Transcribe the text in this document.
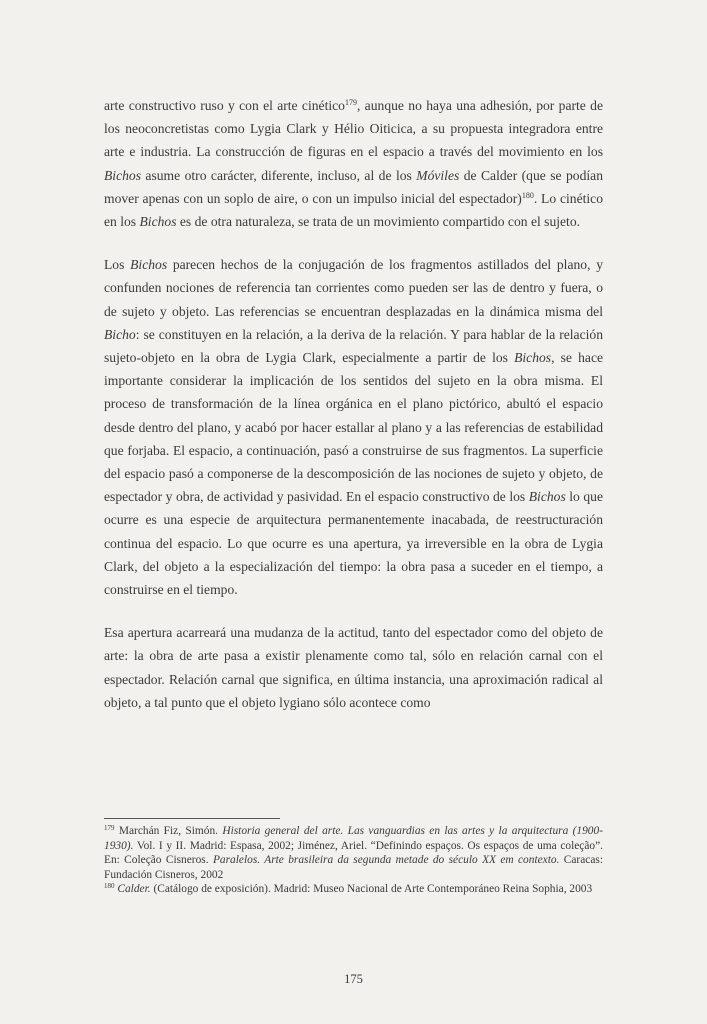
arte constructivo ruso y con el arte cinético$^{179}$, aunque no haya una adhesión, por parte de los neoconcretistas como Lygia Clark y Hélio Oiticica, a su propuesta integradora entre arte e industria. La construcción de figuras en el espacio a través del movimiento en los Bichos asume otro carácter, diferente, incluso, al de los Móviles de Calder (que se podían mover apenas con un soplo de aire, o con un impulso inicial del espectador)$^{180}$. Lo cinético en los Bichos es de otra naturaleza, se trata de un movimiento compartido con el sujeto.

Los Bichos parecen hechos de la conjugación de los fragmentos astillados del plano, y confunden nociones de referencia tan corrientes como pueden ser las de dentro y fuera, o de sujeto y objeto. Las referencias se encuentran desplazadas en la dinámica misma del Bicho: se constituyen en la relación, a la deriva de la relación. Y para hablar de la relación sujeto-objeto en la obra de Lygia Clark, especialmente a partir de los Bichos, se hace importante considerar la implicación de los sentidos del sujeto en la obra misma. El proceso de transformación de la línea orgánica en el plano pictórico, abultó el espacio desde dentro del plano, y acabó por hacer estallar al plano y a las referencias de estabilidad que forjaba. El espacio, a continuación, pasó a construirse de sus fragmentos. La superficie del espacio pasó a componerse de la descomposición de las nociones de sujeto y objeto, de espectador y obra, de actividad y pasividad. En el espacio constructivo de los Bichos lo que ocurre es una especie de arquitectura permanentemente inacabada, de reestructuración continua del espacio. Lo que ocurre es una apertura, ya irreversible en la obra de Lygia Clark, del objeto a la especialización del tiempo: la obra pasa a suceder en el tiempo, a construirse en el tiempo.

Esa apertura acarreará una mudanza de la actitud, tanto del espectador como del objeto de arte: la obra de arte pasa a existir plenamente como tal, sólo en relación carnal con el espectador. Relación carnal que significa, en última instancia, una aproximación radical al objeto, a tal punto que el objeto lygiano sólo acontece como

$^{179}$ Marchán Fiz, Simón. Historia general del arte. Las vanguardias en las artes y la arquitectura (1900-1930). Vol. I y II. Madrid: Espasa, 2002; Jiménez, Ariel. “Definindo espaços. Os espaços de uma coleção”. En: Coleção Cisneros. Paralelos. Arte brasileira da segunda metade do século XX em contexto. Caracas: Fundación Cisneros, 2002

$^{180}$ Calder. (Catálogo de exposición). Madrid: Museo Nacional de Arte Contemporáneo Reina Sophia, 2003

175
